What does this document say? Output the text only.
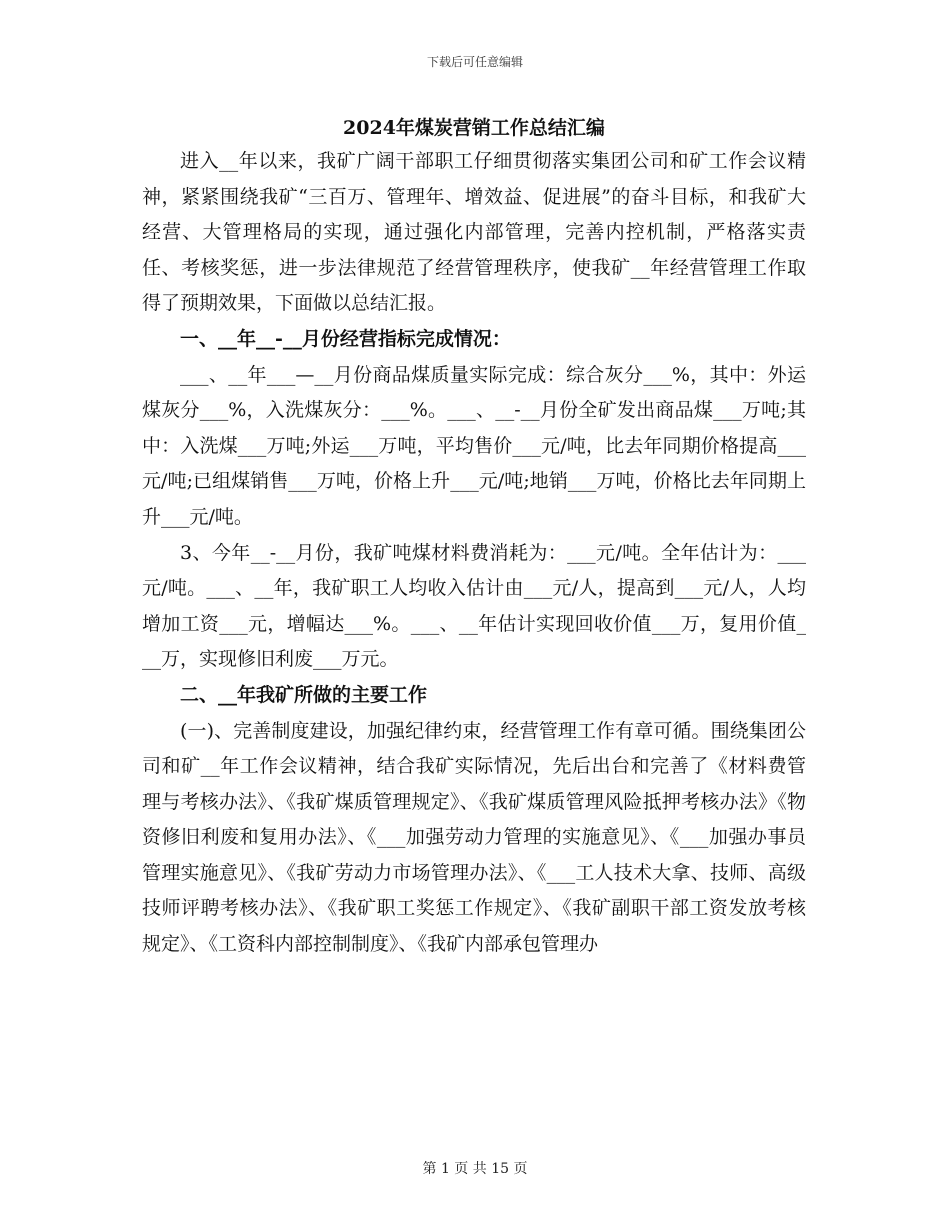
下载后可任意编辑
2024年煤炭营销工作总结汇编

进入__年以来，我矿广阔干部职工仔细贯彻落实集团公司和矿工作会议精神，紧紧围绕我矿“三百万、管理年、增效益、促进展”的奋斗目标，和我矿大经营、大管理格局的实现，通过强化内部管理，完善内控机制，严格落实责任、考核奖惩，进一步法律规范了经营管理秩序，使我矿__年经营管理工作取得了预期效果，下面做以总结汇报。

一、__年__-__月份经营指标完成情况：

___、__年___—__月份商品煤质量实际完成：综合灰分___%，其中：外运煤灰分___%，入洗煤灰分：___%。___、__-__月份全矿发出商品煤___万吨;其中：入洗煤___万吨;外运___万吨，平均售价___元/吨，比去年同期价格提高___元/吨;已组煤销售___万吨，价格上升___元/吨;地销___万吨，价格比去年同期上升___元/吨。

3、今年__-__月份，我矿吨煤材料费消耗为：___元/吨。全年估计为：___元/吨。___、__年，我矿职工人均收入估计由___元/人，提高到___元/人，人均增加工资___元，增幅达___%。___、__年估计实现回收价值___万，复用价值___万，实现修旧利废___万元。

二、__年我矿所做的主要工作

(一)、完善制度建设，加强纪律约束，经营管理工作有章可循。围绕集团公司和矿__年工作会议精神，结合我矿实际情况，先后出台和完善了《材料费管理与考核办法》、《我矿煤质管理规定》、《我矿煤质管理风险抵押考核办法》《物资修旧利废和复用办法》、《___加强劳动力管理的实施意见》、《___加强办事员管理实施意见》、《我矿劳动力市场管理办法》、《___工人技术大拿、技师、高级技师评聘考核办法》、《我矿职工奖惩工作规定》、《我矿副职干部工资发放考核规定》、《工资科内部控制制度》、《我矿内部承包管理办

第 1 页 共 15 页
